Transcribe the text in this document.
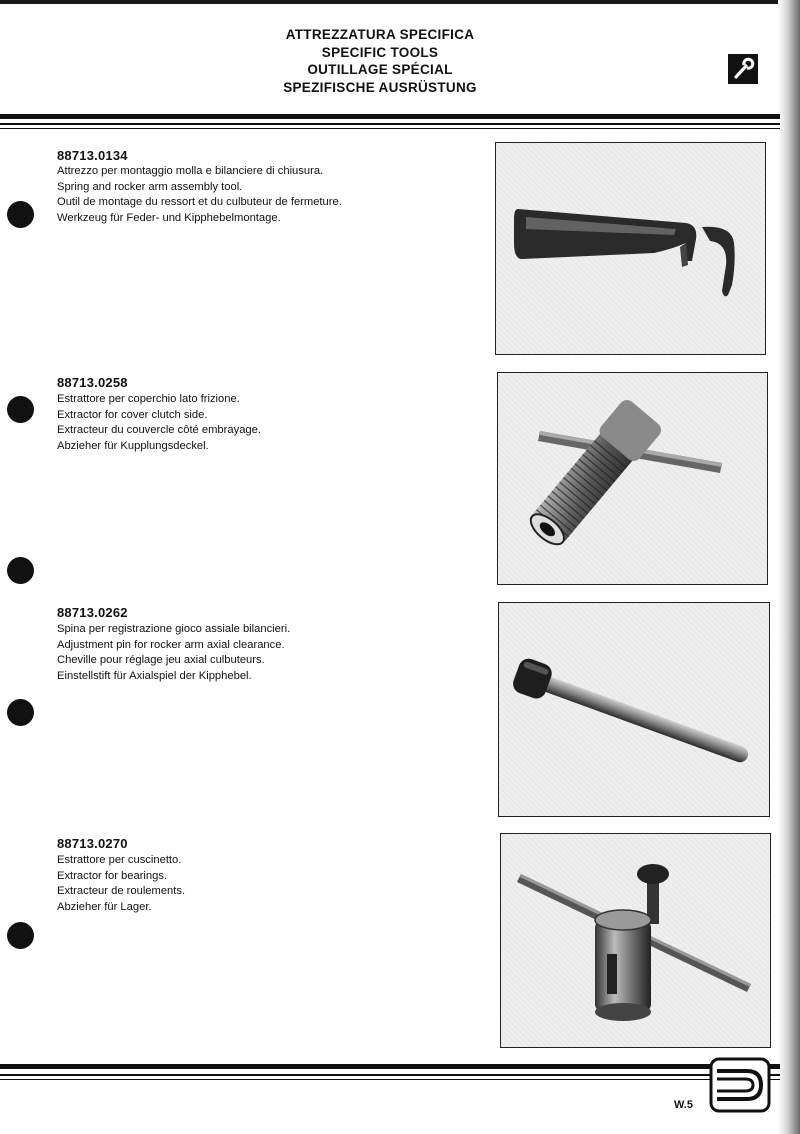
ATTREZZATURA SPECIFICA
SPECIFIC TOOLS
OUTILLAGE SPÉCIAL
SPEZIFISCHE AUSRÜSTUNG
88713.0134
Attrezzo per montaggio molla e bilanciere di chiusura.
Spring and rocker arm assembly tool.
Outil de montage du ressort et du culbuteur de fermeture.
Werkzeug für Feder- und Kipphebelmontage.
88713.0258
Estrattore per coperchio lato frizione.
Extractor for cover clutch side.
Extracteur du couvercle côté embrayage.
Abzieher für Kupplungsdeckel.
88713.0262
Spina per registrazione gioco assiale bilancieri.
Adjustment pin for rocker arm axial clearance.
Cheville pour réglage jeu axial culbuteurs.
Einstellstift für Axialspiel der Kipphebel.
88713.0270
Estrattore per cuscinetto.
Extractor for bearings.
Extracteur de roulements.
Abzieher für Lager.
W.5
